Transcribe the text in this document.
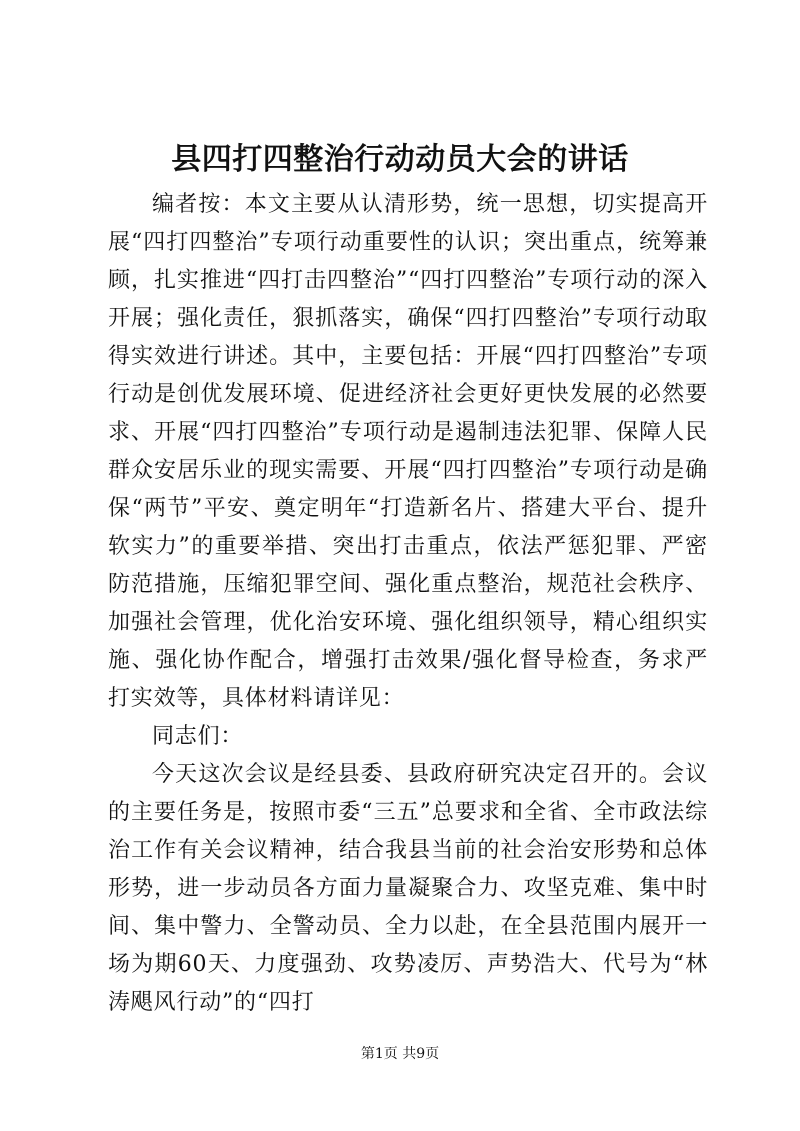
县四打四整治行动动员大会的讲话

编者按：本文主要从认清形势，统一思想，切实提高开展“四打四整治”专项行动重要性的认识；突出重点，统筹兼顾，扎实推进“四打击四整治”“四打四整治”专项行动的深入开展；强化责任，狠抓落实，确保“四打四整治”专项行动取得实效进行讲述。其中，主要包括：开展“四打四整治”专项行动是创优发展环境、促进经济社会更好更快发展的必然要求、开展“四打四整治”专项行动是遏制违法犯罪、保障人民群众安居乐业的现实需要、开展“四打四整治”专项行动是确保“两节”平安、奠定明年“打造新名片、搭建大平台、提升软实力”的重要举措、突出打击重点，依法严惩犯罪、严密防范措施，压缩犯罪空间、强化重点整治，规范社会秩序、加强社会管理，优化治安环境、强化组织领导，精心组织实施、强化协作配合，增强打击效果/强化督导检查，务求严打实效等，具体材料请详见：

同志们：

今天这次会议是经县委、县政府研究决定召开的。会议的主要任务是，按照市委“三五”总要求和全省、全市政法综治工作有关会议精神，结合我县当前的社会治安形势和总体形势，进一步动员各方面力量凝聚合力、攻坚克难、集中时间、集中警力、全警动员、全力以赴，在全县范围内展开一场为期60天、力度强劲、攻势凌厉、声势浩大、代号为“林涛飓风行动”的“四打

第1页 共9页
